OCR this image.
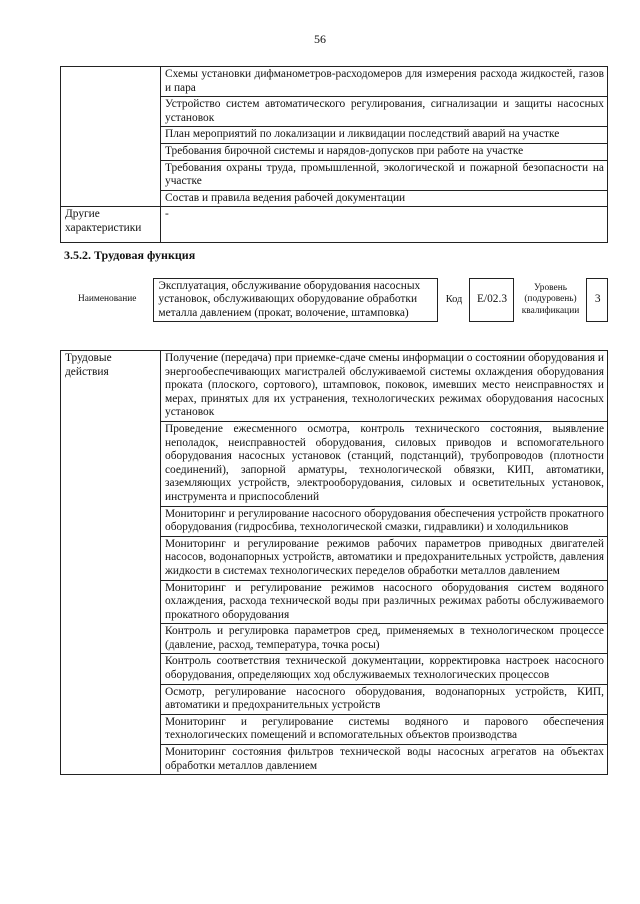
56
	Схемы установки дифманометров-расходомеров для измерения расхода жидкостей, газов и пара
	Устройство систем автоматического регулирования, сигнализации и защиты насосных установок
	План мероприятий по локализации и ликвидации последствий аварий на участке
	Требования бирочной системы и нарядов-допусков при работе на участке
	Требования охраны труда, промышленной, экологической и пожарной безопасности на участке
	Состав и правила ведения рабочей документации
Другие характеристики	-
3.5.2. Трудовая функция
Наименование	Эксплуатация, обслуживание оборудования насосных установок, обслуживающих оборудование обработки металла давлением (прокат, волочение, штамповка)	Код	E/02.3	Уровень (подуровень) квалификации	3
Трудовые действия	Получение (передача) при приемке-сдаче смены информации о состоянии оборудования и энергообеспечивающих магистралей обслуживаемой системы охлаждения оборудования проката (плоского, сортового), штамповок, поковок, имевших место неисправностях и мерах, принятых для их устранения, технологических режимах оборудования насосных установок
Проведение ежесменного осмотра, контроль технического состояния, выявление неполадок, неисправностей оборудования, силовых приводов и вспомогательного оборудования насосных установок (станций, подстанций), трубопроводов (плотности соединений), запорной арматуры, технологической обвязки, КИП, автоматики, заземляющих устройств, электрооборудования, силовых и осветительных установок, инструмента и приспособлений
Мониторинг и регулирование насосного оборудования обеспечения устройств прокатного оборудования (гидросбива, технологической смазки, гидравлики) и холодильников
Мониторинг и регулирование режимов рабочих параметров приводных двигателей насосов, водонапорных устройств, автоматики и предохранительных устройств, давления жидкости в системах технологических переделов обработки металлов давлением
Мониторинг и регулирование режимов насосного оборудования систем водяного охлаждения, расхода технической воды при различных режимах работы обслуживаемого прокатного оборудования
Контроль и регулировка параметров сред, применяемых в технологическом процессе (давление, расход, температура, точка росы)
Контроль соответствия технической документации, корректировка настроек насосного оборудования, определяющих ход обслуживаемых технологических процессов
Осмотр, регулирование насосного оборудования, водонапорных устройств, КИП, автоматики и предохранительных устройств
Мониторинг и регулирование системы водяного и парового обеспечения технологических помещений и вспомогательных объектов производства
Мониторинг состояния фильтров технической воды насосных агрегатов на объектах обработки металлов давлением
